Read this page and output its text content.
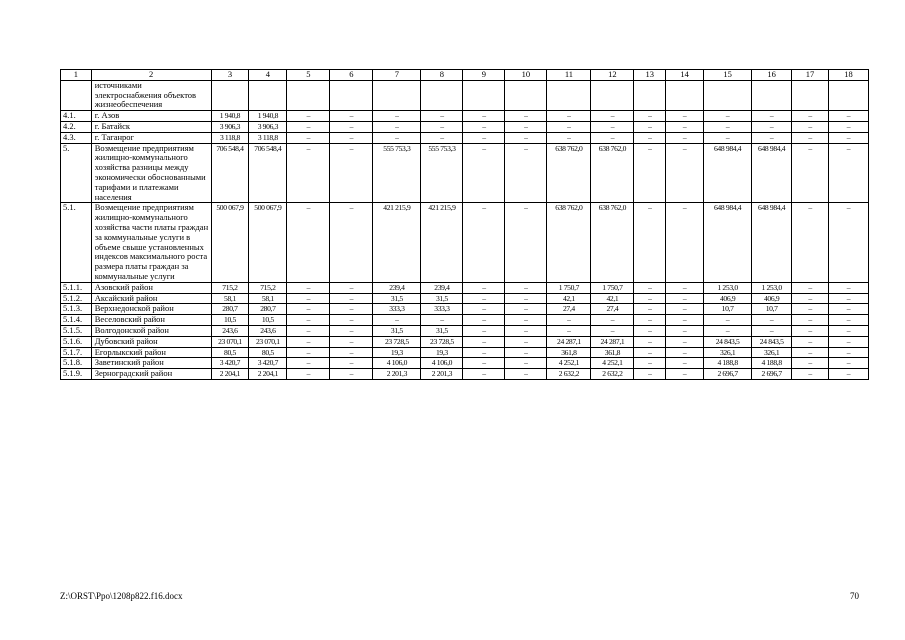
1	2	3	4	5	6	7	8	9	10	11	12	13	14	15	16	17	18
	источниками электроснабжения объектов жизнеобеспечения																
4.1.	г. Азов	1 940,8	1 940,8	–	–	–	–	–	–	–	–	–	–	–	–	–	–
4.2.	г. Батайск	3 906,3	3 906,3	–	–	–	–	–	–	–	–	–	–	–	–	–	–
4.3.	г. Таганрог	3 118,8	3 118,8	–	–	–	–	–	–	–	–	–	–	–	–	–	–
5.	Возмещение предприятиям жилищно-коммунального хозяйства разницы между экономически обоснованными тарифами и платежами населения	706 548,4	706 548,4	–	–	555 753,3	555 753,3	–	–	638 762,0	638 762,0	–	–	648 984,4	648 984,4	–	–
5.1.	Возмещение предприятиям жилищно-коммунального хозяйства части платы граждан за коммунальные услуги в объеме свыше установленных индексов максимального роста размера платы граждан за коммунальные услуги	500 067,9	500 067,9	–	–	421 215,9	421 215,9	–	–	638 762,0	638 762,0	–	–	648 984,4	648 984,4	–	–
5.1.1.	Азовский район	715,2	715,2	–	–	239,4	239,4	–	–	1 750,7	1 750,7	–	–	1 253,0	1 253,0	–	–
5.1.2.	Аксайский район	58,1	58,1	–	–	31,5	31,5	–	–	42,1	42,1	–	–	406,9	406,9	–	–
5.1.3.	Верхнедонской район	280,7	280,7	–	–	333,3	333,3	–	–	27,4	27,4	–	–	10,7	10,7	–	–
5.1.4.	Веселовский район	10,5	10,5	–	–	–	–	–	–	–	–	–	–	–	–	–	–
5.1.5.	Волгодонской район	243,6	243,6	–	–	31,5	31,5	–	–	–	–	–	–	–	–	–	–
5.1.6.	Дубовский район	23 070,1	23 070,1	–	–	23 728,5	23 728,5	–	–	24 287,1	24 287,1	–	–	24 843,5	24 843,5	–	–
5.1.7.	Егорлыкский район	80,5	80,5	–	–	19,3	19,3	–	–	361,8	361,8	–	–	326,1	326,1	–	–
5.1.8.	Заветинский район	3 420,7	3 420,7	–	–	4 106,0	4 106,0	–	–	4 252,1	4 252,1	–	–	4 188,8	4 188,8	–	–
5.1.9.	Зерноградский район	2 204,1	2 204,1	–	–	2 201,3	2 201,3	–	–	2 632,2	2 632,2	–	–	2 696,7	2 696,7	–	–
Z:\ORST\Ppo\1208p822.f16.docx	70
